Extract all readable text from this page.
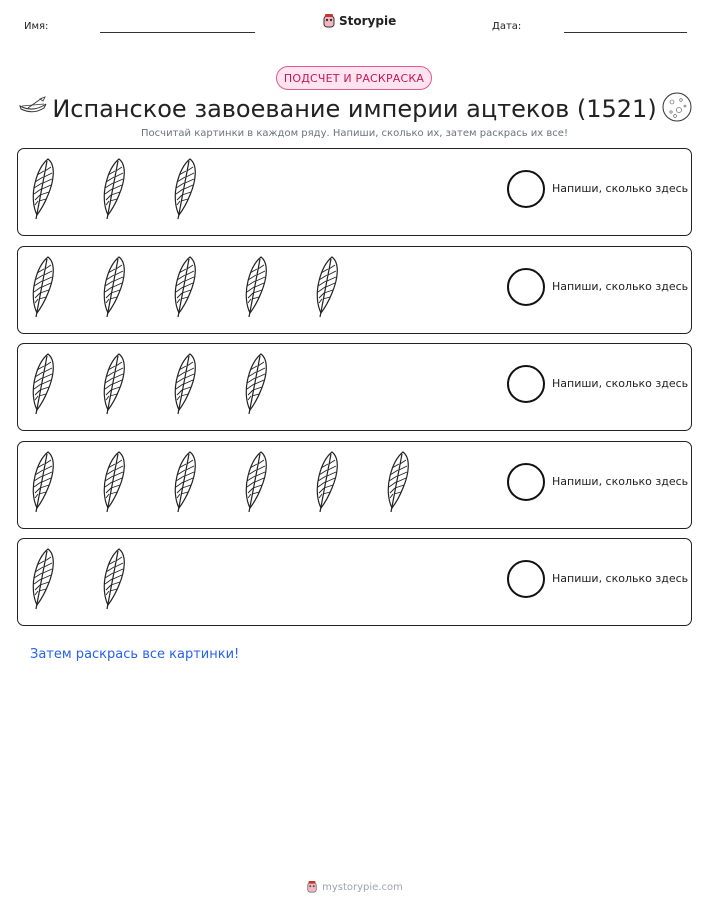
Имя:	Storypie	Дата:
ПОДСЧЕТ И РАСКРАСКА
Испанское завоевание империи ацтеков (1521)
Посчитай картинки в каждом ряду. Напиши, сколько их, затем раскрась их все!
Напиши, сколько здесь
Напиши, сколько здесь
Напиши, сколько здесь
Напиши, сколько здесь
Напиши, сколько здесь
Затем раскрась все картинки!
mystorypie.com
